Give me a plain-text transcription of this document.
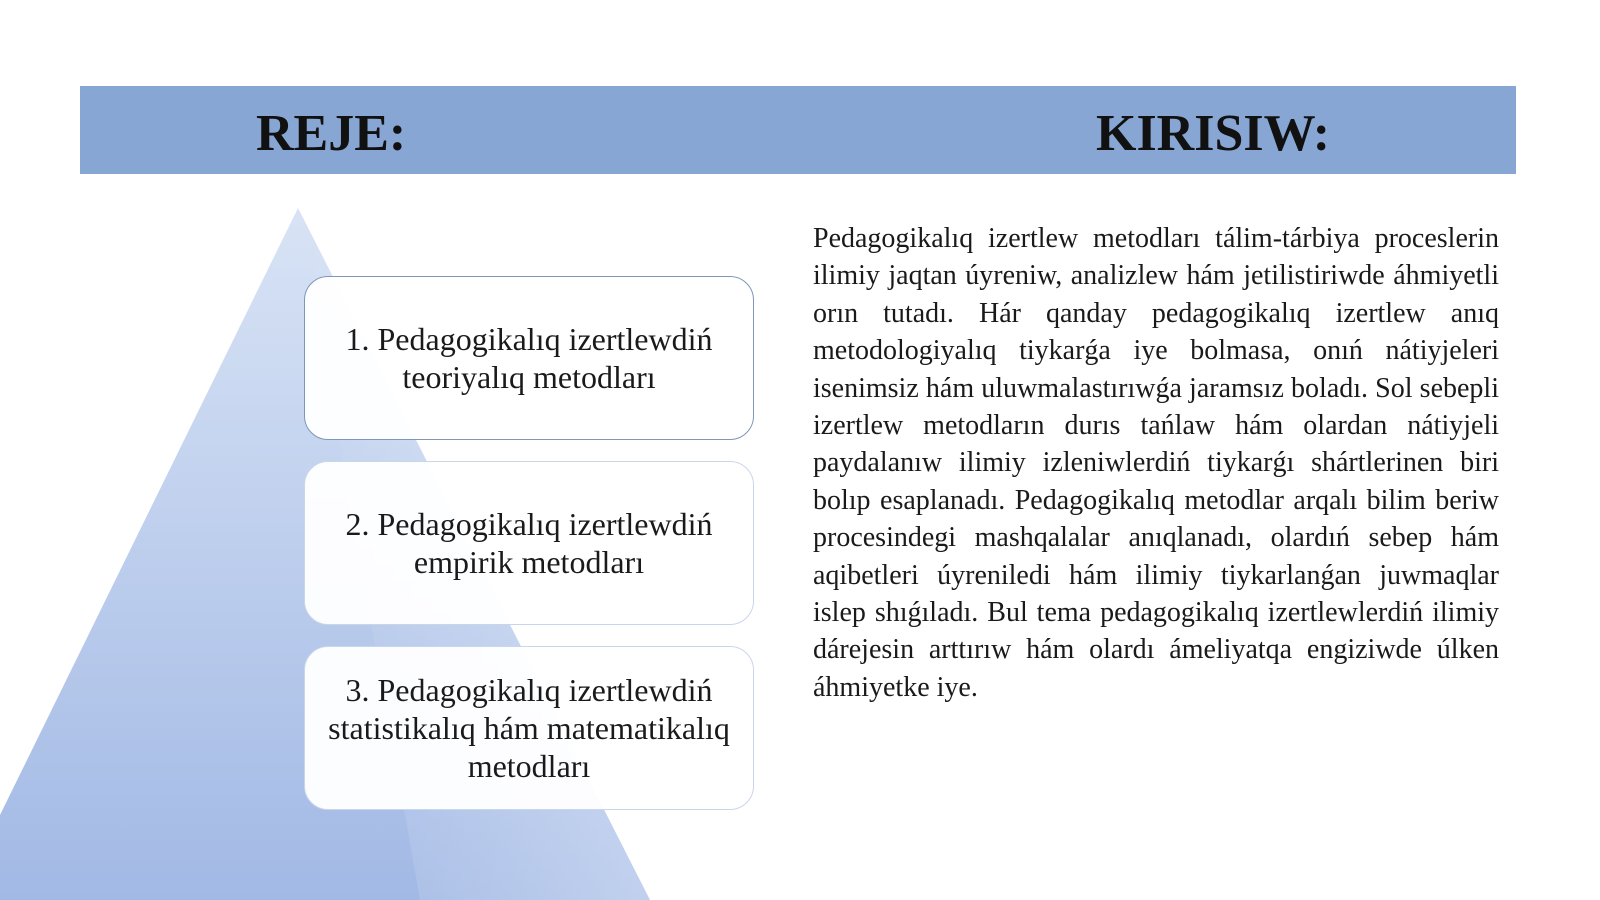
REJE:	KIRISIW:
1. Pedagogikalıq izertlewdiń teoriyalıq metodları
2. Pedagogikalıq izertlewdiń empirik metodları
3. Pedagogikalıq izertlewdiń statistikalıq hám matematikalıq metodları

Pedagogikalıq izertlew metodları tálim-tárbiya proceslerin ilimiy jaqtan úyreniw, analizlew hám jetilistiriwde áhmiyetli orın tutadı. Hár qanday pedagogikalıq izertlew anıq metodologiyalıq tiykarǵa iye bolmasa, onıń nátiyjeleri isenimsiz hám uluwmalastırıwǵa jaramsız boladı. Sol sebepli izertlew metodların durıs tańlaw hám olardan nátiyjeli paydalanıw ilimiy izleniwlerdiń tiykarǵı shártlerinen biri bolıp esaplanadı. Pedagogikalıq metodlar arqalı bilim beriw procesindegi mashqalalar anıqlanadı, olardıń sebep hám aqibetleri úyreniledi hám ilimiy tiykarlanǵan juwmaqlar islep shıǵıladı. Bul tema pedagogikalıq izertlewlerdiń ilimiy dárejesin arttırıw hám olardı ámeliyatqa engiziwde úlken áhmiyetke iye.
